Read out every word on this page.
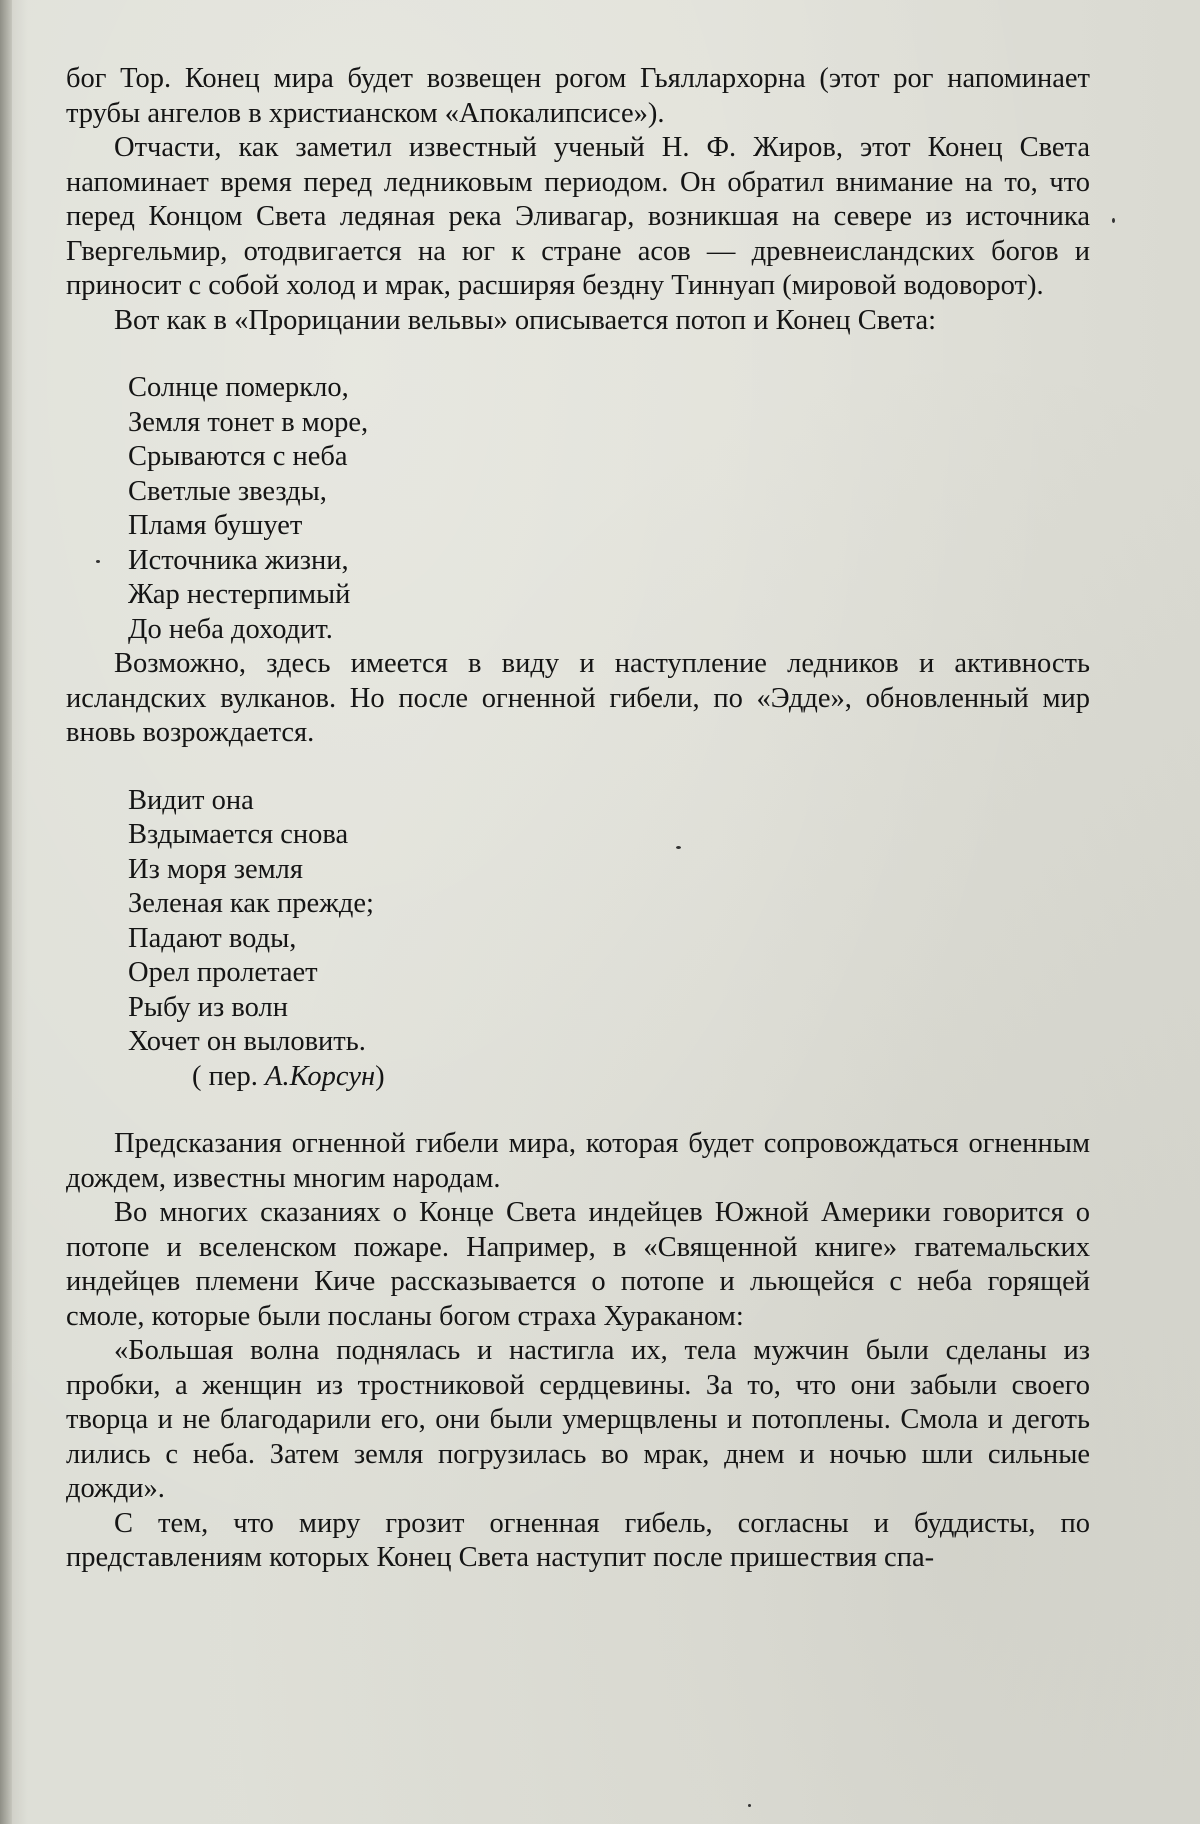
бог Тор. Конец мира будет возвещен рогом Гьяллархорна (этот рог напоминает трубы ангелов в христианском «Апокалипсисе»).

Отчасти, как заметил известный ученый Н. Ф. Жиров, этот Конец Света напоминает время перед ледниковым периодом. Он обратил внимание на то, что перед Концом Света ледяная река Эливагар, возникшая на севере из источника Гвергельмир, отодвигается на юг к стране асов — древнеисландских богов и приносит с собой холод и мрак, расширяя бездну Тиннуап (мировой водоворот).

Вот как в «Прорицании вельвы» описывается потоп и Конец Света:

Солнце померкло,
Земля тонет в море,
Срываются с неба
Светлые звезды,
Пламя бушует
Источника жизни,
Жар нестерпимый
До неба доходит.

Возможно, здесь имеется в виду и наступление ледников и активность исландских вулканов. Но после огненной гибели, по «Эдде», обновленный мир вновь возрождается.

Видит она
Вздымается снова
Из моря земля
Зеленая как прежде;
Падают воды,
Орел пролетает
Рыбу из волн
Хочет он выловить.
( пер. А.Корсун)

Предсказания огненной гибели мира, которая будет сопровождаться огненным дождем, известны многим народам.

Во многих сказаниях о Конце Света индейцев Южной Америки говорится о потопе и вселенском пожаре. Например, в «Священной книге» гватемальских индейцев племени Киче рассказывается о потопе и льющейся с неба горящей смоле, которые были посланы богом страха Хураканом:

«Большая волна поднялась и настигла их, тела мужчин были сделаны из пробки, а женщин из тростниковой сердцевины. За то, что они забыли своего творца и не благодарили его, они были умерщвлены и потоплены. Смола и деготь лились с неба. Затем земля погрузилась во мрак, днем и ночью шли сильные дожди».

С тем, что миру грозит огненная гибель, согласны и буддисты, по представлениям которых Конец Света наступит после пришествия спа-
